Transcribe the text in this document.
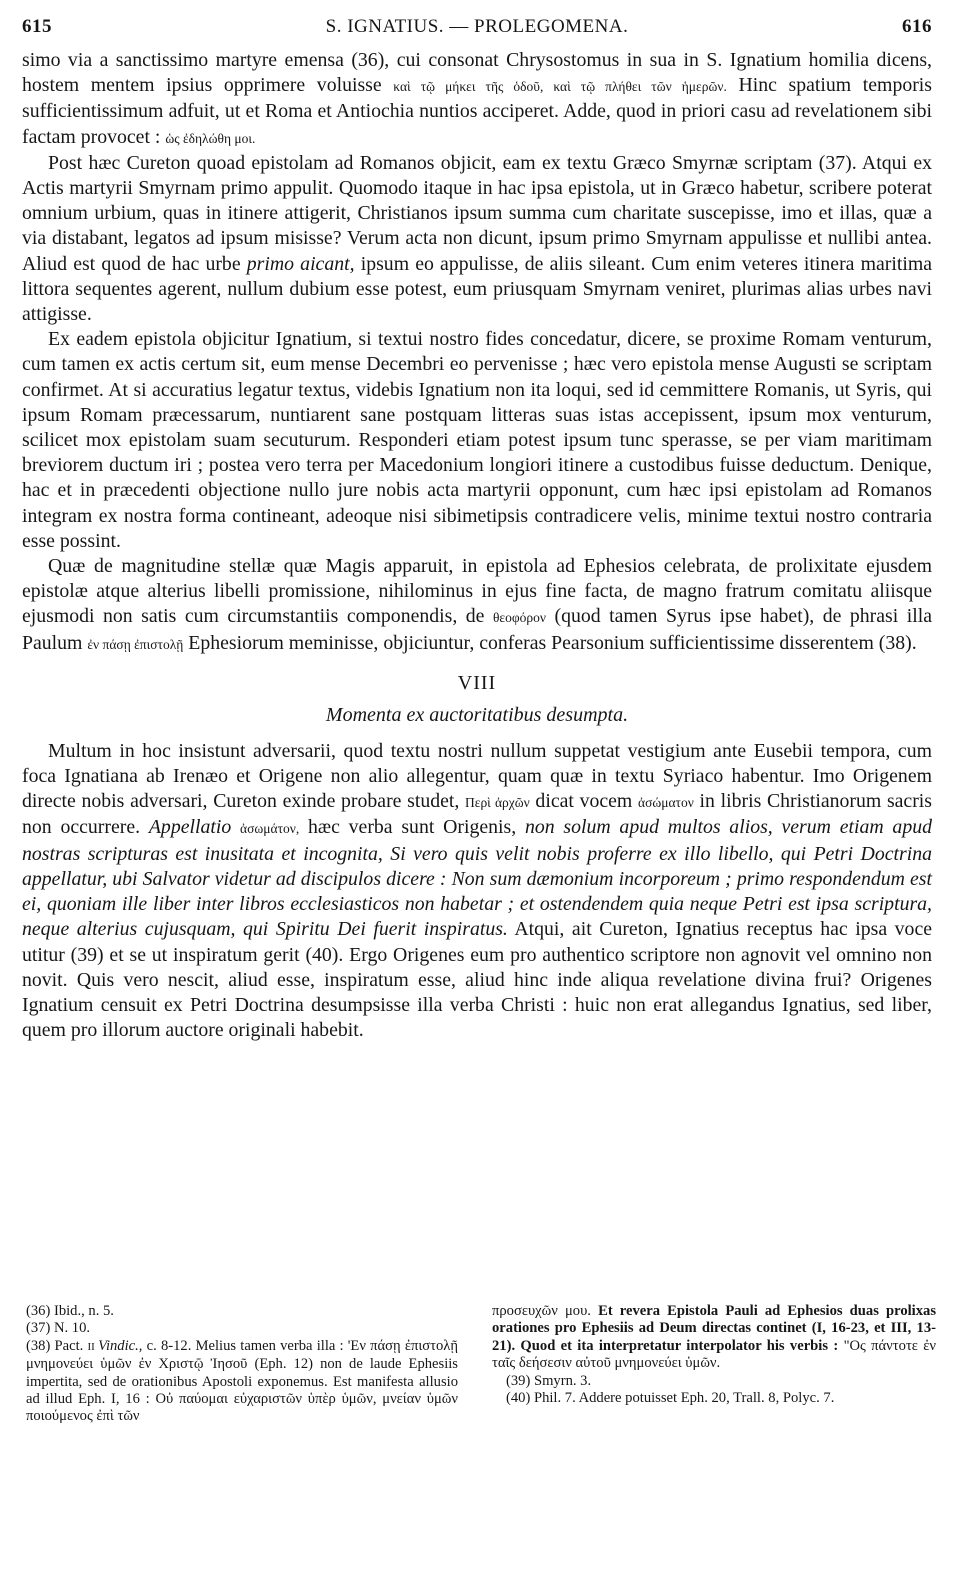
615	S. IGNATIUS. — PROLEGOMENA.	616

simo via a sanctissimo martyre emensa (36), cui consonat Chrysostomus in sua in S. Ignatium homilia dicens, hostem mentem ipsius opprimere voluisse καὶ τῷ μήκει τῆς ὁδοῦ, καὶ τῷ πλήθει τῶν ἡμερῶν. Hinc spatium temporis sufficientissimum adfuit, ut et Roma et Antiochia nuntios acciperet. Adde, quod in priori casu ad revelationem sibi factam provocet : ὡς ἐδηλώθη μοι.

Post hæc Cureton quoad epistolam ad Romanos objicit, eam ex textu Græco Smyrnæ scriptam (37). Atqui ex Actis martyrii Smyrnam primo appulit. Quomodo itaque in hac ipsa epistola, ut in Græco habetur, scribere poterat omnium urbium, quas in itinere attigerit, Christianos ipsum summa cum charitate suscepisse, imo et illas, quæ a via distabant, legatos ad ipsum misisse? Verum acta non dicunt, ipsum primo Smyrnam appulisse et nullibi antea. Aliud est quod de hac urbe primo aicant, ipsum eo appulisse, de aliis sileant. Cum enim veteres itinera maritima littora sequentes agerent, nullum dubium esse potest, eum priusquam Smyrnam veniret, plurimas alias urbes navi attigisse.

Ex eadem epistola objicitur Ignatium, si textui nostro fides concedatur, dicere, se proxime Romam venturum, cum tamen ex actis certum sit, eum mense Decembri eo pervenisse ; hæc vero epistola mense Augusti se scriptam confirmet. At si accuratius legatur textus, videbis Ignatium non ita loqui, sed id cemmittere Romanis, ut Syris, qui ipsum Romam præcessarum, nuntiarent sane postquam litteras suas istas accepissent, ipsum mox venturum, scilicet mox epistolam suam secuturum. Responderi etiam potest ipsum tunc sperasse, se per viam maritimam breviorem ductum iri ; postea vero terra per Macedonium longiori itinere a custodibus fuisse deductum. Denique, hac et in præcedenti objectione nullo jure nobis acta martyrii opponunt, cum hæc ipsi epistolam ad Romanos integram ex nostra forma contineant, adeoque nisi sibimetipsis contradicere velis, minime textui nostro contraria esse possint.

Quæ de magnitudine stellæ quæ Magis apparuit, in epistola ad Ephesios celebrata, de prolixitate ejusdem epistolæ atque alterius libelli promissione, nihilominus in ejus fine facta, de magno fratrum comitatu aliisque ejusmodi non satis cum circumstantiis componendis, de θεοφόρον (quod tamen Syrus ipse habet), de phrasi illa Paulum ἐν πάσῃ ἐπιστολῇ Ephesiorum meminisse, objiciuntur, conferas Pearsonium sufficientissime disserentem (38).

VIII
Momenta ex auctoritatibus desumpta.

Multum in hoc insistunt adversarii, quod textu nostri nullum suppetat vestigium ante Eusebii tempora, cum foca Ignatiana ab Irenæo et Origene non alio allegentur, quam quæ in textu Syriaco habentur. Imo Origenem directe nobis adversari, Cureton exinde probare studet, Περὶ ἀρχῶν dicat vocem ἀσώματον in libris Christianorum sacris non occurrere. Appellatio ἀσωμάτον, hæc verba sunt Origenis, non solum apud multos alios, verum etiam apud nostras scripturas est inusitata et incognita, Si vero quis velit nobis proferre ex illo libello, qui Petri Doctrina appellatur, ubi Salvator videtur ad discipulos dicere : Non sum dæmonium incorporeum ; primo respondendum est ei, quoniam ille liber inter libros ecclesiasticos non habetar ; et ostendendem quia neque Petri est ipsa scriptura, neque alterius cujusquam, qui Spiritu Dei fuerit inspiratus. Atqui, ait Cureton, Ignatius receptus hac ipsa voce utitur (39) et se ut inspiratum gerit (40). Ergo Origenes eum pro authentico scriptore non agnovit vel omnino non novit. Quis vero nescit, aliud esse, inspiratum esse, aliud hinc inde aliqua revelatione divina frui? Origenes Ignatium censuit ex Petri Doctrina desumpsisse illa verba Christi : huic non erat allegandus Ignatius, sed liber, quem pro illorum auctore originali habebit.

(36) Ibid., n. 5.

(37) N. 10.

(38) Pact. II Vindic., c. 8-12. Melius tamen verba illa : 'Εν πάσῃ ἐπιστολῇ μνημονεύει ὑμῶν ἐν Χριστῷ Ἰησοῦ (Eph. 12) non de laude Ephesiis impertita, sed de orationibus Apostoli exponemus. Est manifesta allusio ad illud Eph. I, 16 : Οὐ παύομαι εὐχαριστῶν ὑπὲρ ὑμῶν, μνείαν ὑμῶν ποιούμενος ἐπὶ τῶν

προσευχῶν μου. Et revera Epistola Pauli ad Ephesios duas prolixas orationes pro Ephesiis ad Deum directas continet (I, 16-23, et III, 13-21). Quod et ita interpretatur interpolator his verbis : "Ος πάντοτε ἐν ταῖς δεήσεσιν αὐτοῦ μνημονεύει ὑμῶν.

(39) Smyrn. 3.

(40) Phil. 7. Addere potuisset Eph. 20, Trall. 8, Polyc. 7.
